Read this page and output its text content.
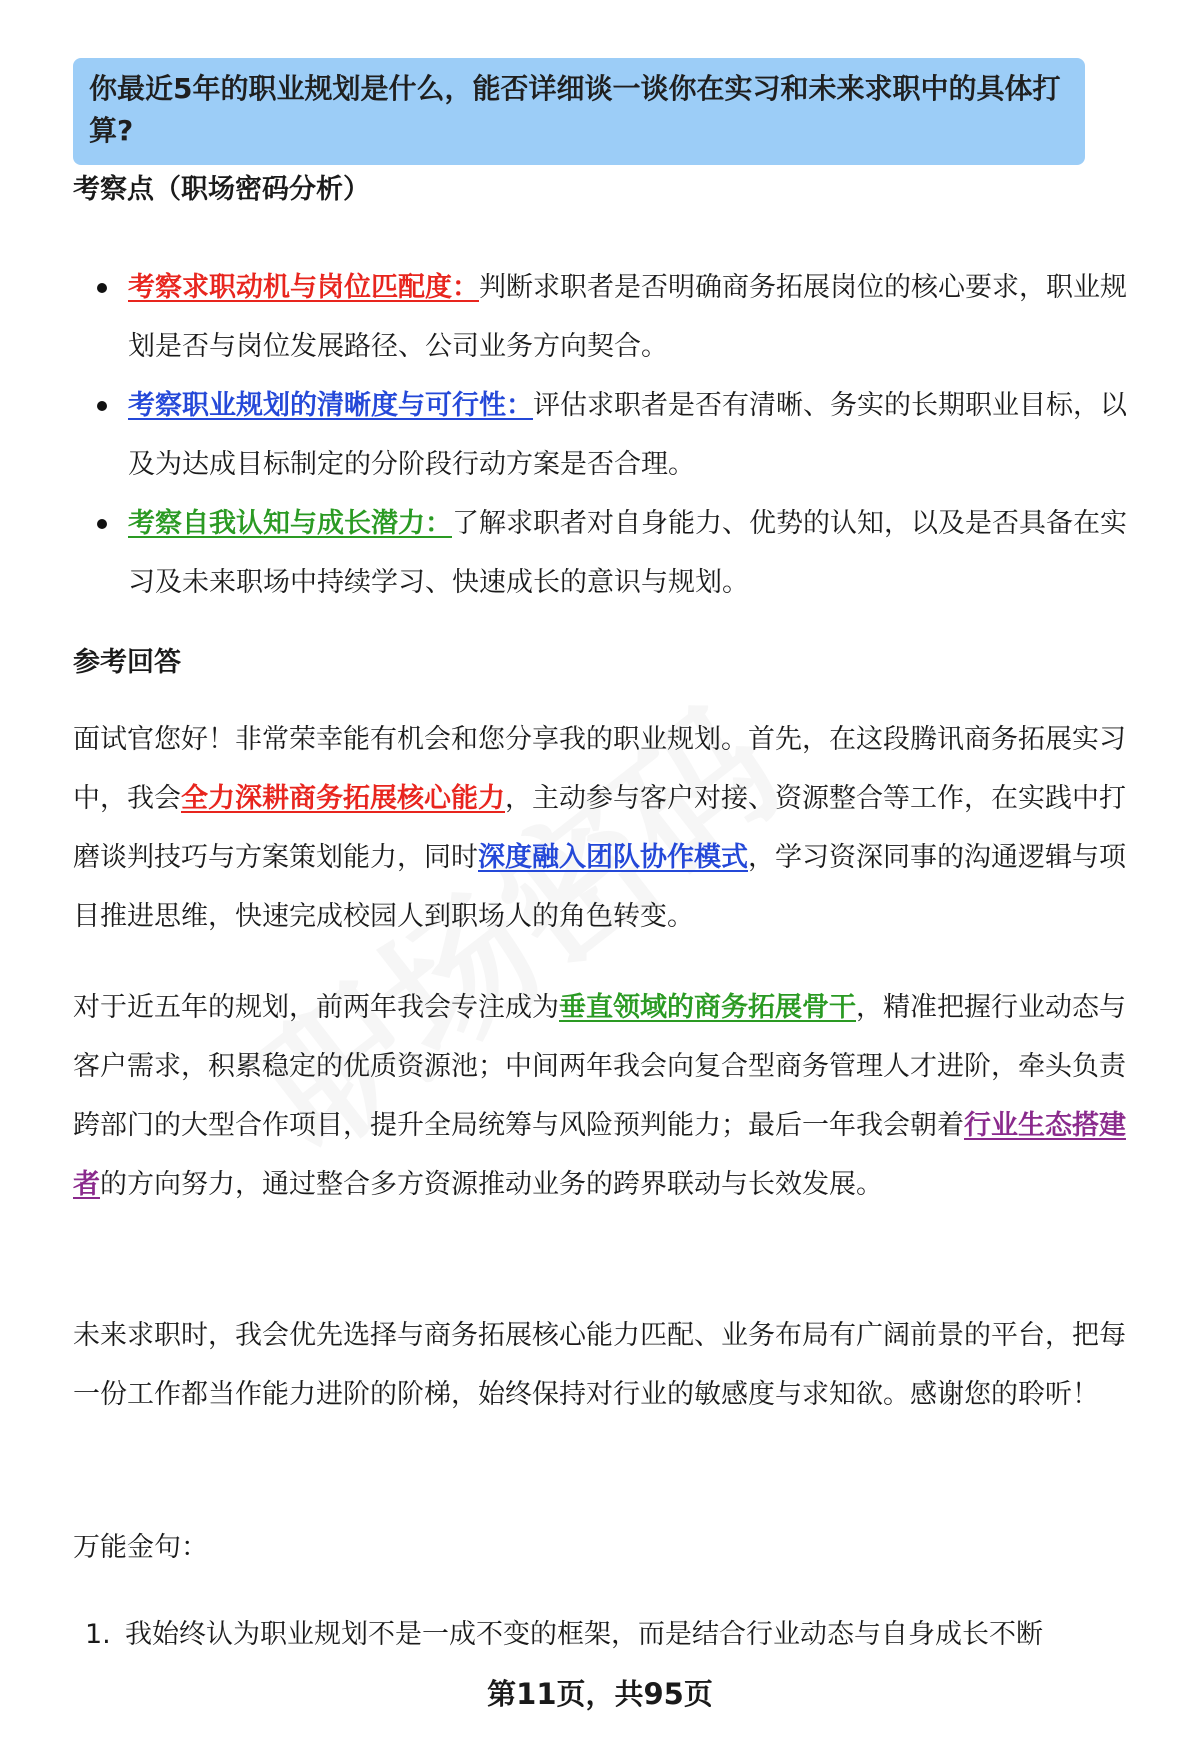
你最近5年的职业规划是什么，能否详细谈一谈你在实习和未来求职中的具体打算?
考察点（职场密码分析）
考察求职动机与岗位匹配度：判断求职者是否明确商务拓展岗位的核心要求，职业规划是否与岗位发展路径、公司业务方向契合。
考察职业规划的清晰度与可行性：评估求职者是否有清晰、务实的长期职业目标，以及为达成目标制定的分阶段行动方案是否合理。
考察自我认知与成长潜力：了解求职者对自身能力、优势的认知，以及是否具备在实习及未来职场中持续学习、快速成长的意识与规划。
参考回答
面试官您好！非常荣幸能有机会和您分享我的职业规划。首先，在这段腾讯商务拓展实习中，我会全力深耕商务拓展核心能力，主动参与客户对接、资源整合等工作，在实践中打磨谈判技巧与方案策划能力，同时深度融入团队协作模式，学习资深同事的沟通逻辑与项目推进思维，快速完成校园人到职场人的角色转变。
对于近五年的规划，前两年我会专注成为垂直领域的商务拓展骨干，精准把握行业动态与客户需求，积累稳定的优质资源池；中间两年我会向复合型商务管理人才进阶，牵头负责跨部门的大型合作项目，提升全局统筹与风险预判能力；最后一年我会朝着行业生态搭建者的方向努力，通过整合多方资源推动业务的跨界联动与长效发展。
未来求职时，我会优先选择与商务拓展核心能力匹配、业务布局有广阔前景的平台，把每一份工作都当作能力进阶的阶梯，始终保持对行业的敏感度与求知欲。感谢您的聆听！
万能金句：
1. 我始终认为职业规划不是一成不变的框架，而是结合行业动态与自身成长不断
第11页，共95页
